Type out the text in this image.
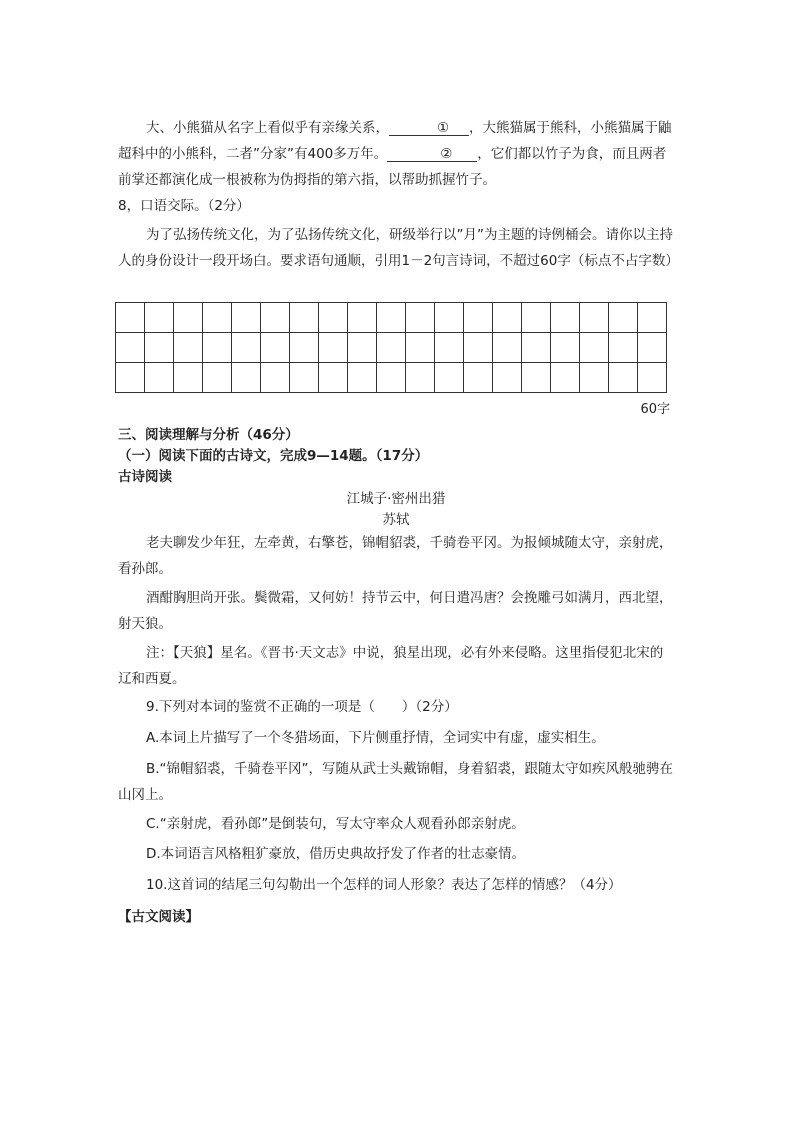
大、小熊猫从名字上看似乎有亲缘关系，	① ，大熊猫属于熊科，小熊猫属于鼬超科中的小熊科，二者”分家”有400多万年。	② ，它们都以竹子为食，而且两者前掌还都演化成一根被称为伪拇指的第六指，以帮助抓握竹子。

8，口语交际。（2分）

为了弘扬传统文化，为了弘扬传统文化，研级举行以”月”为主题的诗例桶会。请你以主持人的身份设计一段开场白。要求语句通顺，引用1－2句言诗词，不超过60字（标点不占字数）

60字

三、阅读理解与分析（46分）

（一）阅读下面的古诗文，完成9—14题。（17分）

古诗阅读

江城子·密州出猎

苏轼

老夫聊发少年狂，左牵黄，右擎苍，锦帽貂裘，千骑卷平冈。为报倾城随太守，亲射虎，看孙郎。

酒酣胸胆尚开张。鬓微霜，又何妨！持节云中，何日遣冯唐？会挽雕弓如满月，西北望，射天狼。

注：【天狼】星名。《晋书·天文志》中说，狼星出现，必有外来侵略。这里指侵犯北宋的辽和西夏。

9.下列对本词的鉴赏不正确的一项是（　　）（2分）

A.本词上片描写了一个冬猎场面，下片侧重抒情，全词实中有虚，虚实相生。

B.“锦帽貂裘，千骑卷平冈”，写随从武士头戴锦帽，身着貂裘，跟随太守如疾风般驰骋在山冈上。

C.“亲射虎，看孙郎”是倒装句，写太守率众人观看孙郎亲射虎。

D.本词语言风格粗犷豪放，借历史典故抒发了作者的壮志豪情。

10.这首词的结尾三句勾勒出一个怎样的词人形象？表达了怎样的情感？（4分）

【古文阅读】
